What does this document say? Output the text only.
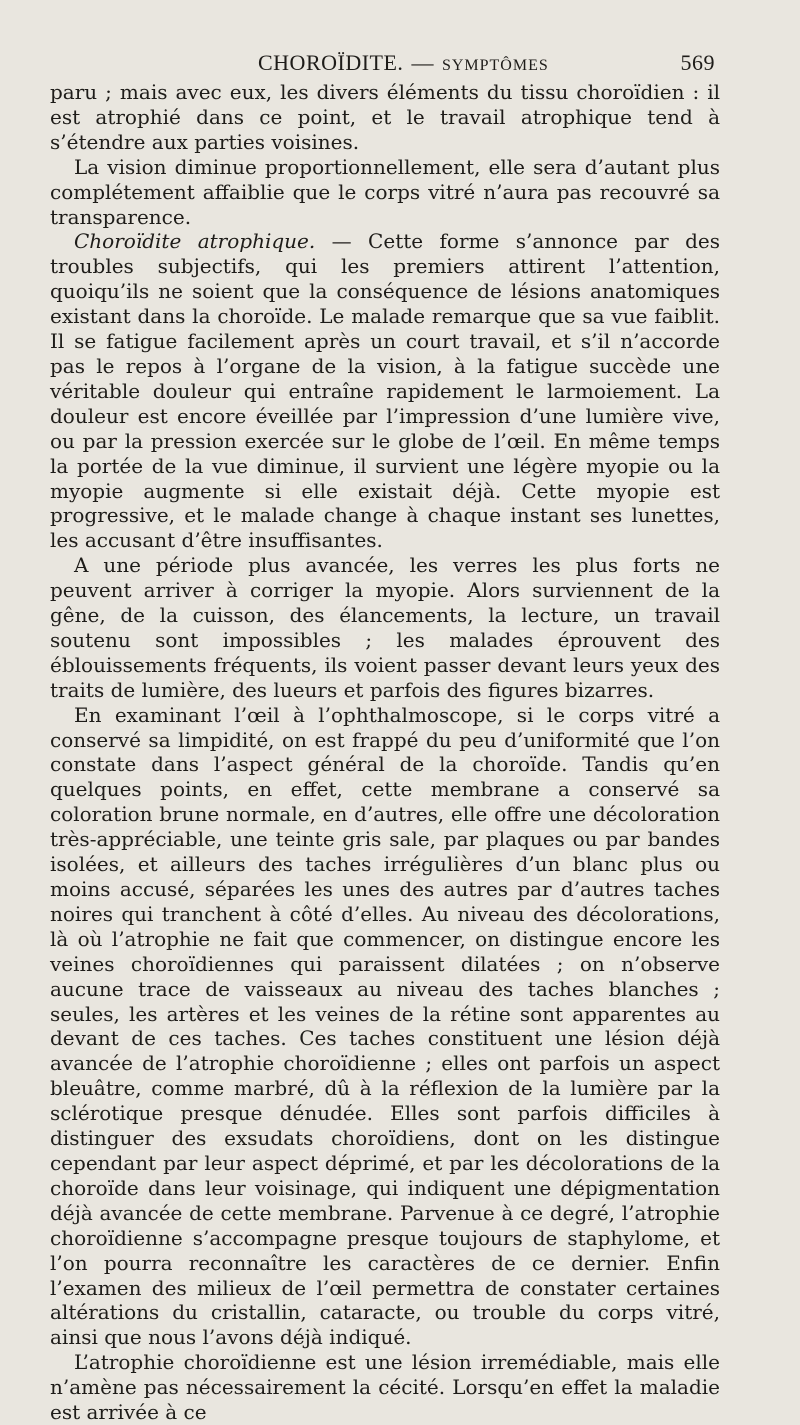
CHOROÏDITE. — SYMPTÔMES	569

paru ; mais avec eux, les divers éléments du tissu choroïdien : il est atrophié dans ce point, et le travail atrophique tend à s’étendre aux parties voisines.

La vision diminue proportionnellement, elle sera d’autant plus complétement affaiblie que le corps vitré n’aura pas recouvré sa transparence.

Choroïdite atrophique. — Cette forme s’annonce par des troubles subjectifs, qui les premiers attirent l’attention, quoiqu’ils ne soient que la conséquence de lésions anatomiques existant dans la choroïde. Le malade remarque que sa vue faiblit. Il se fatigue facilement après un court travail, et s’il n’accorde pas le repos à l’organe de la vision, à la fatigue succède une véritable douleur qui entraîne rapidement le larmoiement. La douleur est encore éveillée par l’impression d’une lumière vive, ou par la pression exercée sur le globe de l’œil. En même temps la portée de la vue diminue, il survient une légère myopie ou la myopie augmente si elle existait déjà. Cette myopie est progressive, et le malade change à chaque instant ses lunettes, les accusant d’être insuffisantes.

A une période plus avancée, les verres les plus forts ne peuvent arriver à corriger la myopie. Alors surviennent de la gêne, de la cuisson, des élancements, la lecture, un travail soutenu sont impossibles ; les malades éprouvent des éblouissements fréquents, ils voient passer devant leurs yeux des traits de lumière, des lueurs et parfois des figures bizarres.

En examinant l’œil à l’ophthalmoscope, si le corps vitré a conservé sa limpidité, on est frappé du peu d’uniformité que l’on constate dans l’aspect général de la choroïde. Tandis qu’en quelques points, en effet, cette membrane a conservé sa coloration brune normale, en d’autres, elle offre une décoloration très-appréciable, une teinte gris sale, par plaques ou par bandes isolées, et ailleurs des taches irrégulières d’un blanc plus ou moins accusé, séparées les unes des autres par d’autres taches noires qui tranchent à côté d’elles. Au niveau des décolorations, là où l’atrophie ne fait que commencer, on distingue encore les veines choroïdiennes qui paraissent dilatées ; on n’observe aucune trace de vaisseaux au niveau des taches blanches ; seules, les artères et les veines de la rétine sont apparentes au devant de ces taches. Ces taches constituent une lésion déjà avancée de l’atrophie choroïdienne ; elles ont parfois un aspect bleuâtre, comme marbré, dû à la réflexion de la lumière par la sclérotique presque dénudée. Elles sont parfois difficiles à distinguer des exsudats choroïdiens, dont on les distingue cependant par leur aspect déprimé, et par les décolorations de la choroïde dans leur voisinage, qui indiquent une dépigmentation déjà avancée de cette membrane. Parvenue à ce degré, l’atrophie choroïdienne s’accompagne presque toujours de staphylome, et l’on pourra reconnaître les caractères de ce dernier. Enfin l’examen des milieux de l’œil permettra de constater certaines altérations du cristallin, cataracte, ou trouble du corps vitré, ainsi que nous l’avons déjà indiqué.

L’atrophie choroïdienne est une lésion irremédiable, mais elle n’amène pas nécessairement la cécité. Lorsqu’en effet la maladie est arrivée à ce
